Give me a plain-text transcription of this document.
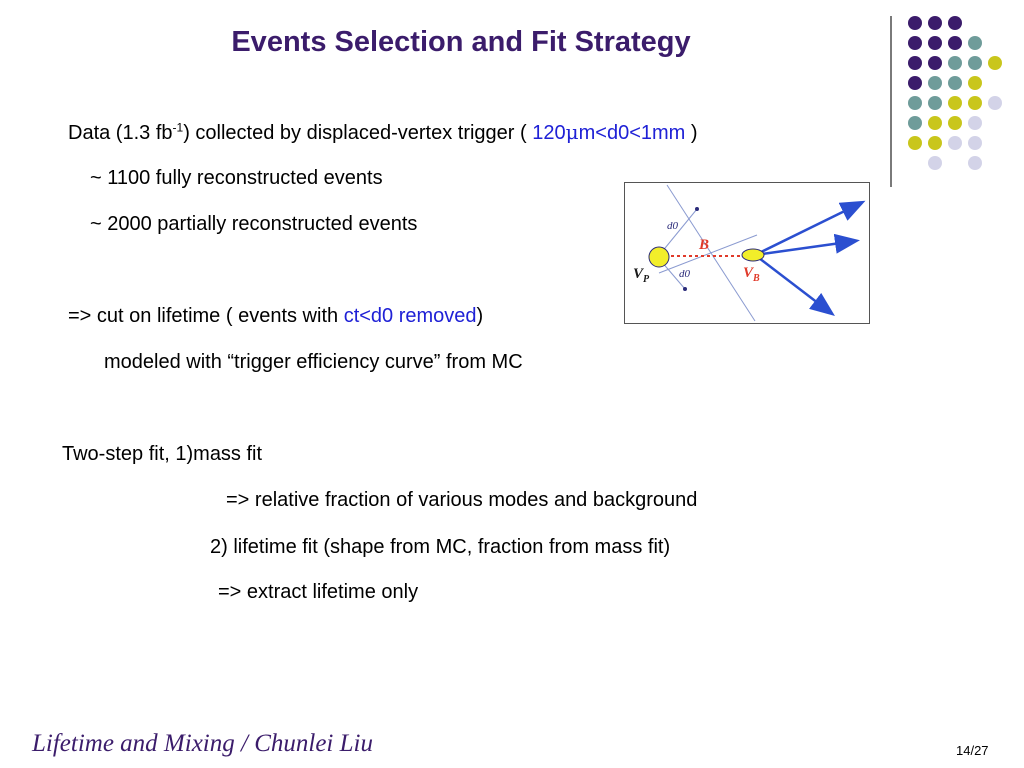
Events Selection and Fit Strategy
Data (1.3 $fb^{-1}$) collected by displaced-vertex trigger ( 120μm<d0<1mm )
~ 1100 fully reconstructed events
~ 2000 partially reconstructed events
=> cut on lifetime ( events with ct<d0 removed)
modeled with “trigger efficiency curve” from MC
Two-step fit, 1)mass fit
=> relative fraction of various modes and background
2) lifetime fit (shape from MC, fraction from mass fit)
=> extract lifetime only
d0
d0
B
$V_P$	$V_B$
Lifetime and Mixing / Chunlei Liu	14/27
